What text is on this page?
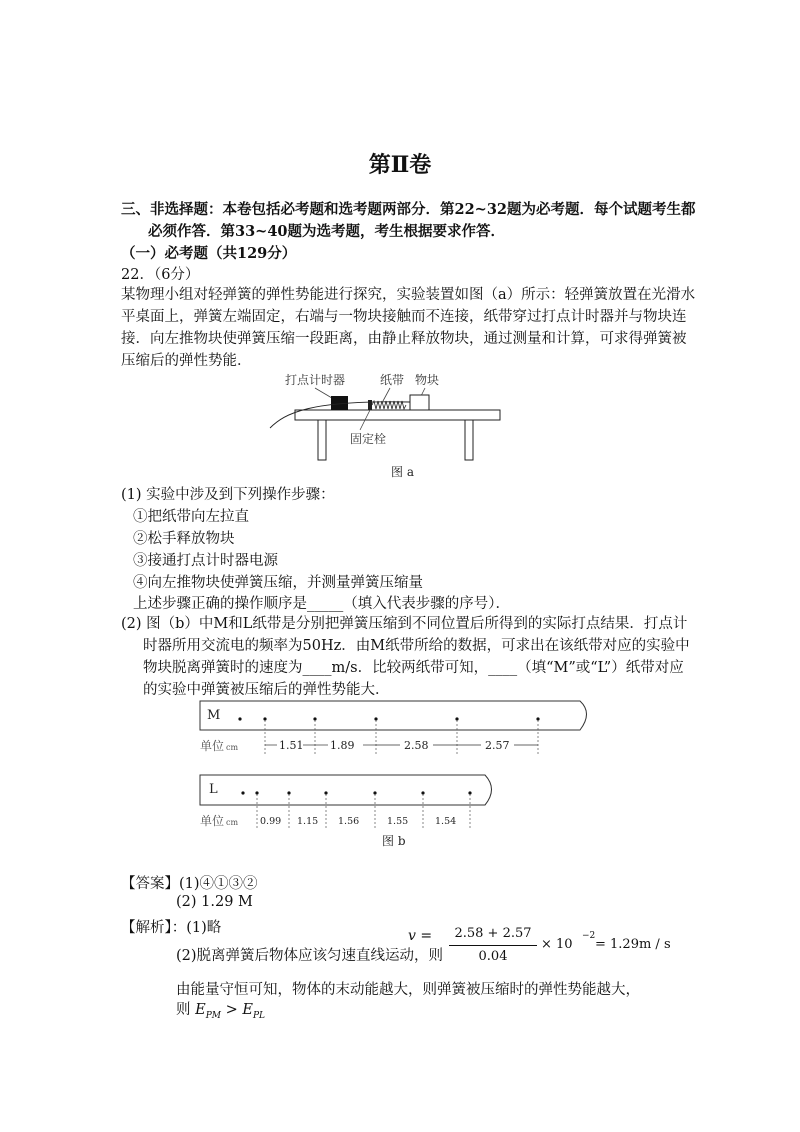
第Ⅱ卷
三、非选择题：本卷包括必考题和选考题两部分．第22~32题为必考题．每个试题考生都
必须作答．第33~40题为选考题，考生根据要求作答．
（一）必考题（共129分）
22．（6分）
某物理小组对轻弹簧的弹性势能进行探究，实验装置如图（a）所示：轻弹簧放置在光滑水
平桌面上，弹簧左端固定，右端与一物块接触而不连接，纸带穿过打点计时器并与物块连
接．向左推物块使弹簧压缩一段距离，由静止释放物块，通过测量和计算，可求得弹簧被
压缩后的弹性势能．
打点计时器	纸带 物块
固定栓
图 a
(1) 实验中涉及到下列操作步骤：
①把纸带向左拉直
②松手释放物块
③接通打点计时器电源
④向左推物块使弹簧压缩，并测量弹簧压缩量
上述步骤正确的操作顺序是_____（填入代表步骤的序号）．
(2) 图（b）中M和L纸带是分别把弹簧压缩到不同位置后所得到的实际打点结果．打点计
时器所用交流电的频率为50Hz．由M纸带所给的数据，可求出在该纸带对应的实验中
物块脱离弹簧时的速度为____m/s．比较两纸带可知，____（填“M”或“L”）纸带对应
的实验中弹簧被压缩后的弹性势能大．
M
单位 cm	1.51 1.89	2.58	2.57
L
单位 cm 0.99 1.15 1.56	1.55	1.54
图 b
【答案】(1)④①③②
(2) 1.29 M
【解析】：(1)略
(2)脱离弹簧后物体应该匀速直线运动，则
v =	2.58 + 2.57
0.04
× 10
−2
= 1.29m / s
由能量守恒可知，物体的末动能越大，则弹簧被压缩时的弹性势能越大，
则 $E_{PM} > E_{PL}$
